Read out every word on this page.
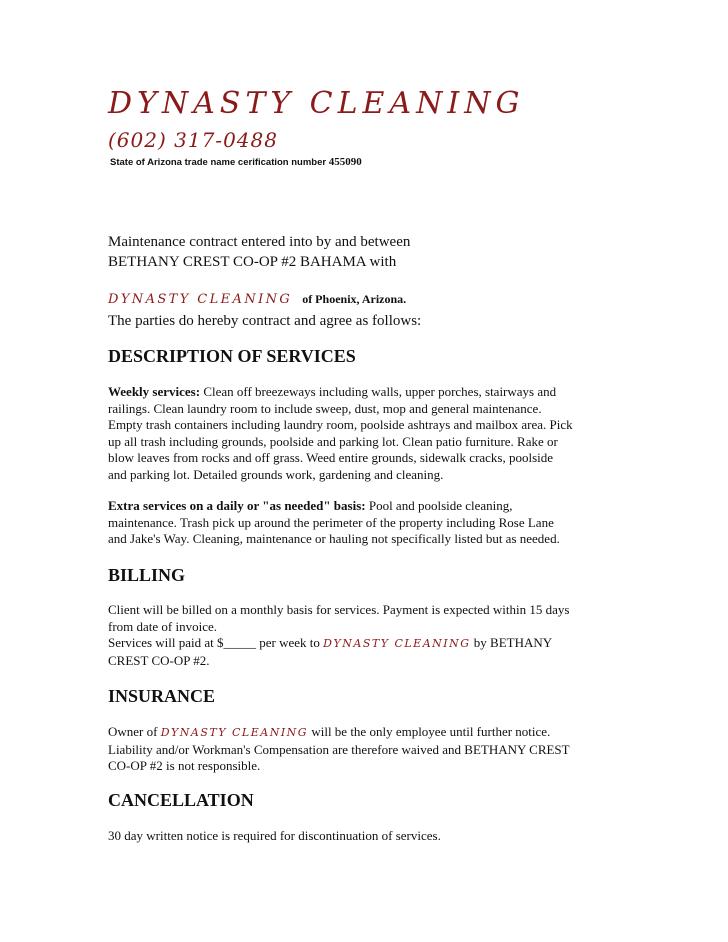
DYNASTY CLEANING
(602) 317-0488
State of Arizona trade name cerification number 455090
Maintenance contract entered into by and between
BETHANY CREST CO-OP #2 BAHAMA with
DYNASTY CLEANING of Phoenix, Arizona.
The parties do hereby contract and agree as follows:
DESCRIPTION OF SERVICES
Weekly services: Clean off breezeways including walls, upper porches, stairways and
railings. Clean laundry room to include sweep, dust, mop and general maintenance.
Empty trash containers including laundry room, poolside ashtrays and mailbox area. Pick
up all trash including grounds, poolside and parking lot. Clean patio furniture. Rake or
blow leaves from rocks and off grass. Weed entire grounds, sidewalk cracks, poolside
and parking lot. Detailed grounds work, gardening and cleaning.
Extra services on a daily or "as needed" basis: Pool and poolside cleaning,
maintenance. Trash pick up around the perimeter of the property including Rose Lane
and Jake's Way. Cleaning, maintenance or hauling not specifically listed but as needed.
BILLING
Client will be billed on a monthly basis for services. Payment is expected within 15 days
from date of invoice.
Services will paid at $_____ per week to DYNASTY CLEANING by BETHANY
CREST CO-OP #2.
INSURANCE
Owner of DYNASTY CLEANING will be the only employee until further notice.
Liability and/or Workman's Compensation are therefore waived and BETHANY CREST
CO-OP #2 is not responsible.
CANCELLATION
30 day written notice is required for discontinuation of services.
